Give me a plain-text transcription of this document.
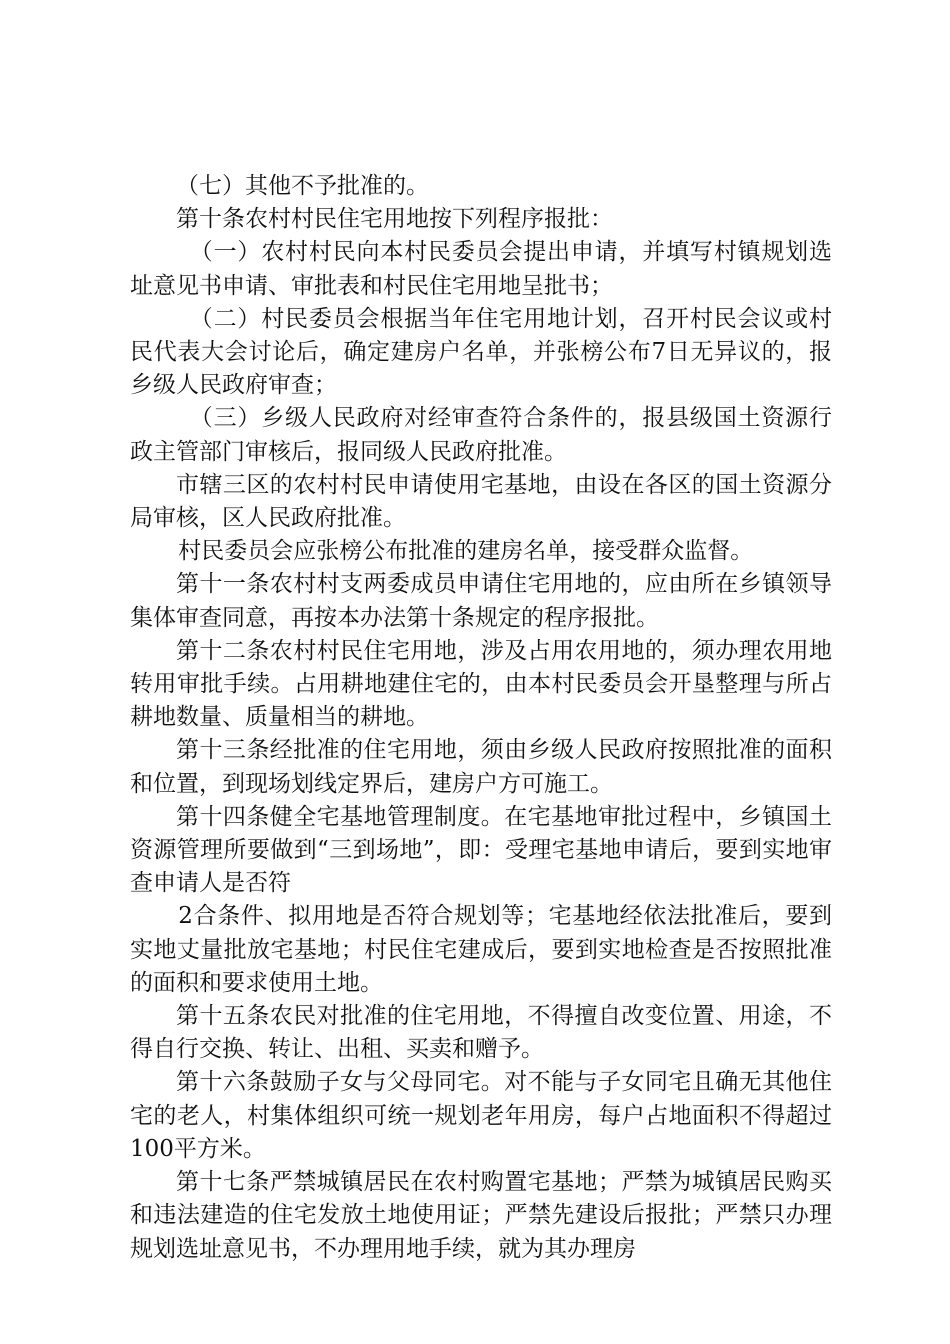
（七）其他不予批准的。

第十条农村村民住宅用地按下列程序报批：

（一）农村村民向本村民委员会提出申请，并填写村镇规划选址意见书申请、审批表和村民住宅用地呈批书；

（二）村民委员会根据当年住宅用地计划，召开村民会议或村民代表大会讨论后，确定建房户名单，并张榜公布7日无异议的，报乡级人民政府审查；

（三）乡级人民政府对经审查符合条件的，报县级国土资源行政主管部门审核后，报同级人民政府批准。

市辖三区的农村村民申请使用宅基地，由设在各区的国土资源分局审核，区人民政府批准。

村民委员会应张榜公布批准的建房名单，接受群众监督。

第十一条农村村支两委成员申请住宅用地的，应由所在乡镇领导集体审查同意，再按本办法第十条规定的程序报批。

第十二条农村村民住宅用地，涉及占用农用地的，须办理农用地转用审批手续。占用耕地建住宅的，由本村民委员会开垦整理与所占耕地数量、质量相当的耕地。

第十三条经批准的住宅用地，须由乡级人民政府按照批准的面积和位置，到现场划线定界后，建房户方可施工。

第十四条健全宅基地管理制度。在宅基地审批过程中，乡镇国土资源管理所要做到“三到场地”，即：受理宅基地申请后，要到实地审查申请人是否符

2合条件、拟用地是否符合规划等；宅基地经依法批准后，要到实地丈量批放宅基地；村民住宅建成后，要到实地检查是否按照批准的面积和要求使用土地。

第十五条农民对批准的住宅用地，不得擅自改变位置、用途，不得自行交换、转让、出租、买卖和赠予。

第十六条鼓励子女与父母同宅。对不能与子女同宅且确无其他住宅的老人，村集体组织可统一规划老年用房，每户占地面积不得超过100平方米。

第十七条严禁城镇居民在农村购置宅基地；严禁为城镇居民购买和违法建造的住宅发放土地使用证；严禁先建设后报批；严禁只办理规划选址意见书，不办理用地手续，就为其办理房
